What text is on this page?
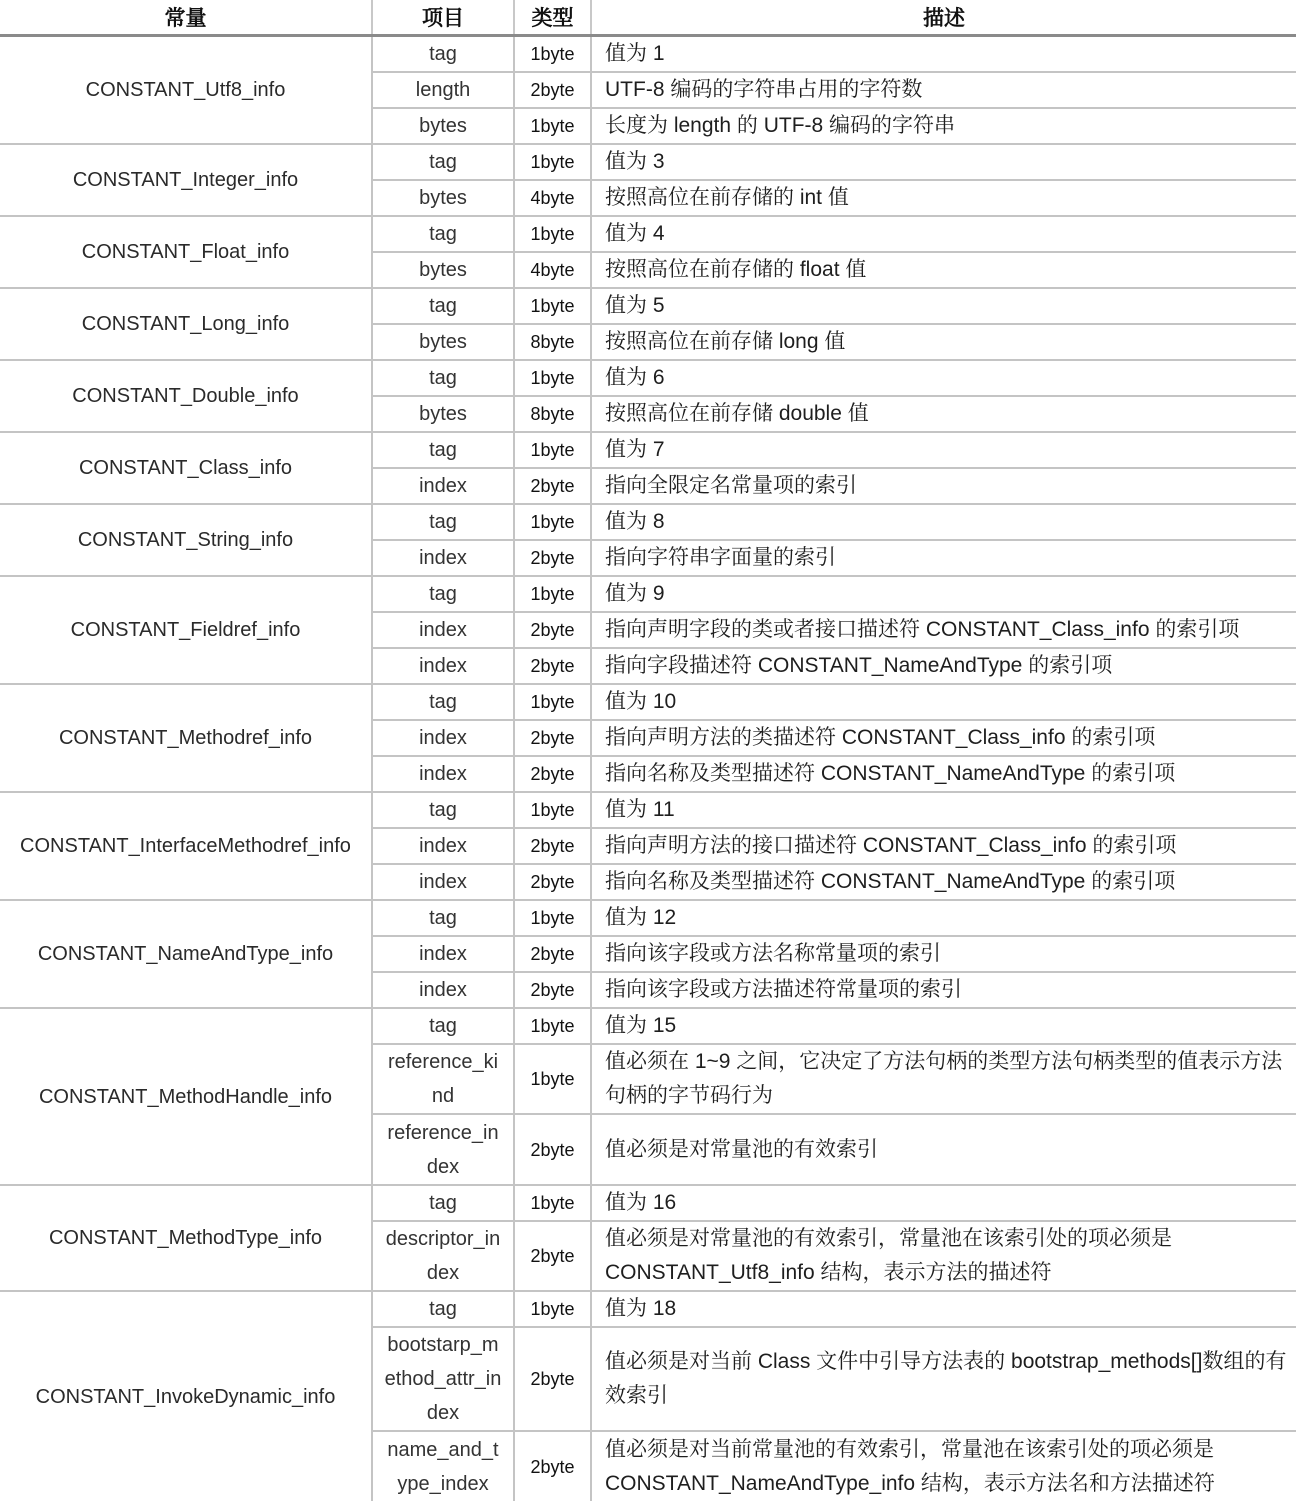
常量	项目	类型	描述
CONSTANT_Utf8_info	tag	1byte	值为 1
	length	2byte	UTF-8 编码的字符串占用的字符数
	bytes	1byte	长度为 length 的 UTF-8 编码的字符串
CONSTANT_Integer_info	tag	1byte	值为 3
	bytes	4byte	按照高位在前存储的 int 值
CONSTANT_Float_info	tag	1byte	值为 4
	bytes	4byte	按照高位在前存储的 float 值
CONSTANT_Long_info	tag	1byte	值为 5
	bytes	8byte	按照高位在前存储 long 值
CONSTANT_Double_info	tag	1byte	值为 6
	bytes	8byte	按照高位在前存储 double 值
CONSTANT_Class_info	tag	1byte	值为 7
	index	2byte	指向全限定名常量项的索引
CONSTANT_String_info	tag	1byte	值为 8
	index	2byte	指向字符串字面量的索引
CONSTANT_Fieldref_info	tag	1byte	值为 9
	index	2byte	指向声明字段的类或者接口描述符 CONSTANT_Class_info 的索引项
	index	2byte	指向字段描述符 CONSTANT_NameAndType 的索引项
CONSTANT_Methodref_info	tag	1byte	值为 10
	index	2byte	指向声明方法的类描述符 CONSTANT_Class_info 的索引项
	index	2byte	指向名称及类型描述符 CONSTANT_NameAndType 的索引项
CONSTANT_InterfaceMethodref_info	tag	1byte	值为 11
	index	2byte	指向声明方法的接口描述符 CONSTANT_Class_info 的索引项
	index	2byte	指向名称及类型描述符 CONSTANT_NameAndType 的索引项
CONSTANT_NameAndType_info	tag	1byte	值为 12
	index	2byte	指向该字段或方法名称常量项的索引
	index	2byte	指向该字段或方法描述符常量项的索引
CONSTANT_MethodHandle_info	tag	1byte	值为 15
	reference_kind	1byte	值必须在 1~9 之间，它决定了方法句柄的类型方法句柄类型的值表示方法句柄的字节码行为
	reference_index	2byte	值必须是对常量池的有效索引
CONSTANT_MethodType_info	tag	1byte	值为 16
	descriptor_index	2byte	值必须是对常量池的有效索引，常量池在该索引处的项必须是 CONSTANT_Utf8_info 结构，表示方法的描述符
CONSTANT_InvokeDynamic_info	tag	1byte	值为 18
	bootstarp_method_attr_index	2byte	值必须是对当前 Class 文件中引导方法表的 bootstrap_methods[]数组的有效索引
	name_and_type_index	2byte	值必须是对当前常量池的有效索引，常量池在该索引处的项必须是 CONSTANT_NameAndType_info 结构，表示方法名和方法描述符
